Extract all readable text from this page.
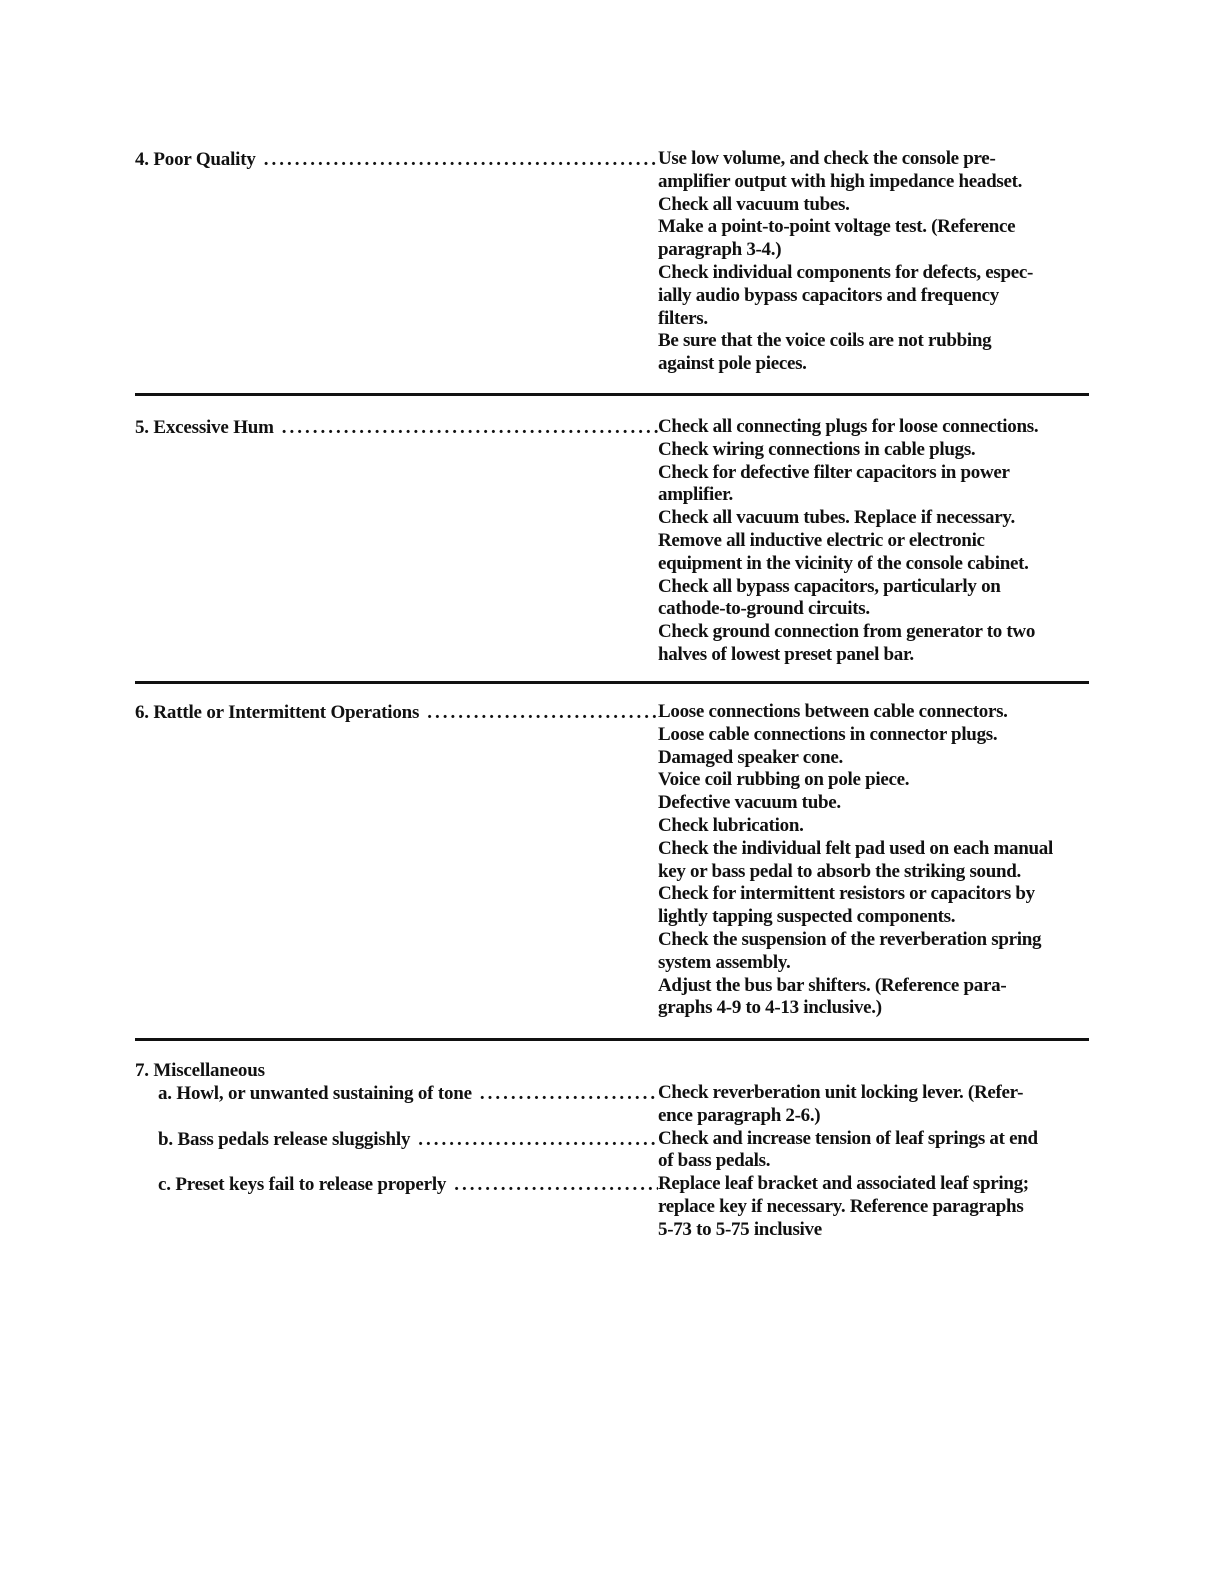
4. Poor Quality .....	Use low volume, and check the console pre-
amplifier output with high impedance headset.
Check all vacuum tubes.
Make a point-to-point voltage test. (Reference
paragraph 3-4.)
Check individual components for defects, espec-
ially audio bypass capacitors and frequency
filters.
Be sure that the voice coils are not rubbing
against pole pieces.
5. Excessive Hum .....	Check all connecting plugs for loose connections.
Check wiring connections in cable plugs.
Check for defective filter capacitors in power
amplifier.
Check all vacuum tubes. Replace if necessary.
Remove all inductive electric or electronic
equipment in the vicinity of the console cabinet.
Check all bypass capacitors, particularly on
cathode-to-ground circuits.
Check ground connection from generator to two
halves of lowest preset panel bar.
6. Rattle or Intermittent Operations .....	Loose connections between cable connectors.
Loose cable connections in connector plugs.
Damaged speaker cone.
Voice coil rubbing on pole piece.
Defective vacuum tube.
Check lubrication.
Check the individual felt pad used on each manual
key or bass pedal to absorb the striking sound.
Check for intermittent resistors or capacitors by
lightly tapping suspected components.
Check the suspension of the reverberation spring
system assembly.
Adjust the bus bar shifters. (Reference para-
graphs 4-9 to 4-13 inclusive.)
7. Miscellaneous
a. Howl, or unwanted sustaining of tone .....	Check reverberation unit locking lever. (Refer-
ence paragraph 2-6.)
b. Bass pedals release sluggishly .....	Check and increase tension of leaf springs at end
of bass pedals.
c. Preset keys fail to release properly .....	Replace leaf bracket and associated leaf spring;
replace key if necessary. Reference paragraphs
5-73 to 5-75 inclusive
